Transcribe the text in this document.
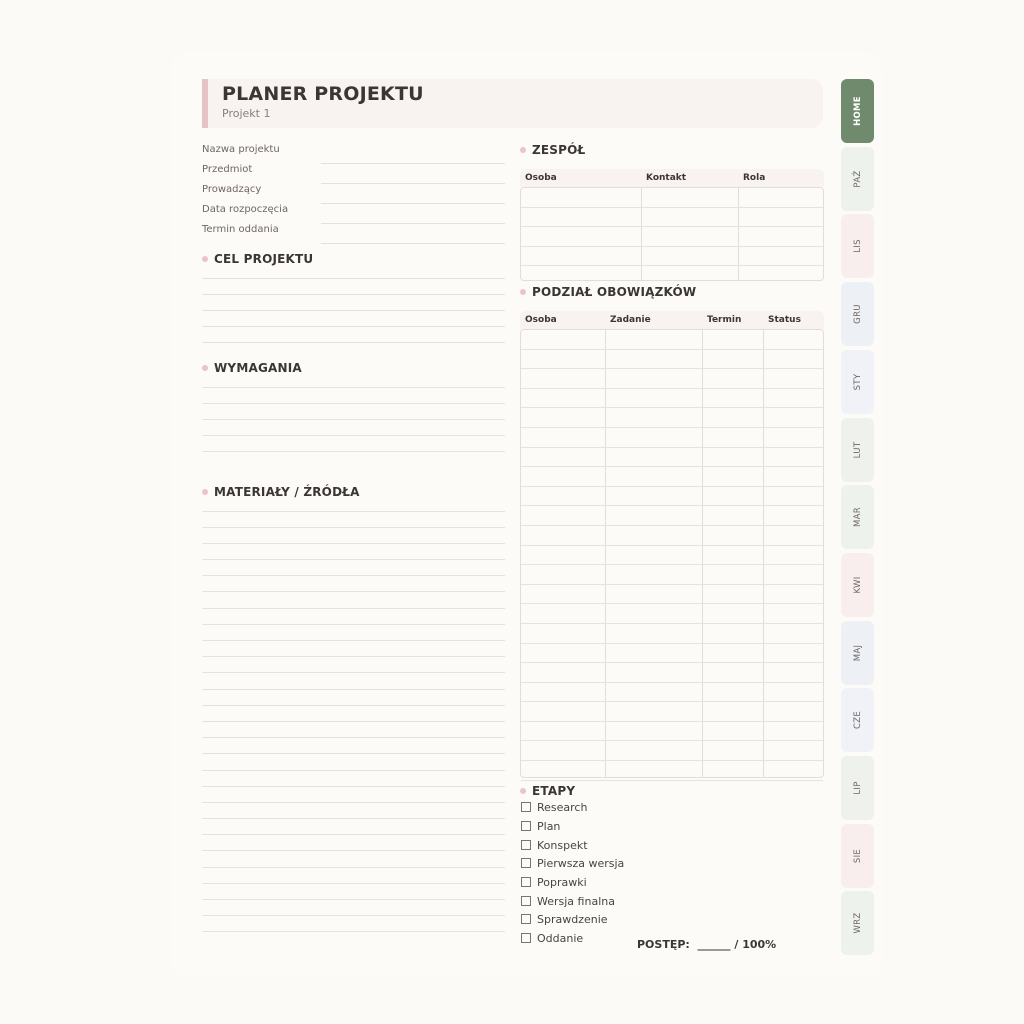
PLANER PROJEKTU
Projekt 1
Nazwa projektu
Przedmiot
Prowadzący
Data rozpoczęcia
Termin oddania
CEL PROJEKTU
WYMAGANIA
MATERIAŁY / ŹRÓDŁA
ZESPÓŁ
Osoba	Kontakt	Rola
PODZIAŁ OBOWIĄZKÓW
Osoba	Zadanie	Termin	Status
ETAPY
Research
Plan
Konspekt
Pierwsza wersja
Poprawki
Wersja finalna
Sprawdzenie
Oddanie	POSTĘP: ______ / 100%
HOME
PAŹ
LIS
GRU
STY
LUT
MAR
KWI
MAJ
CZE
LIP
SIE
WRZ
